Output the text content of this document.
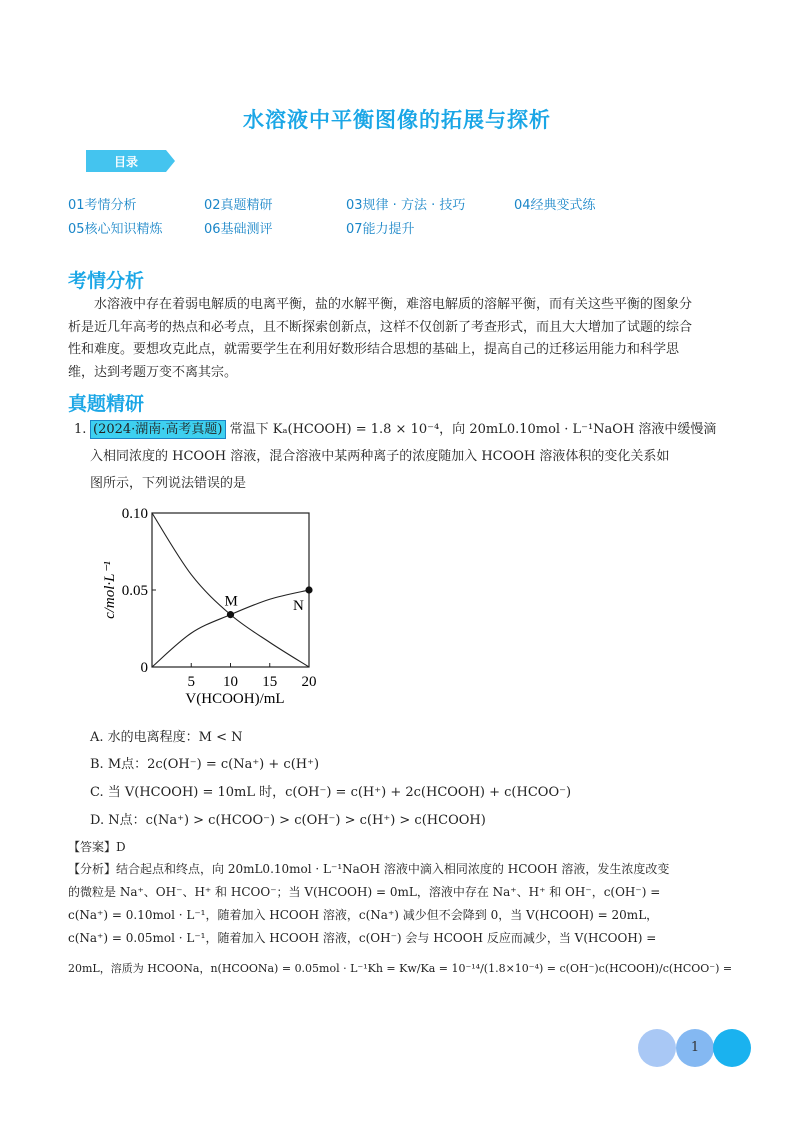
水溶液中平衡图像的拓展与探析
目录
01考情分析	02真题精研	03规律 · 方法 · 技巧	04经典变式练
05核心知识精炼	06基础测评	07能力提升
考情分析
水溶液中存在着弱电解质的电离平衡，盐的水解平衡，难溶电解质的溶解平衡，而有关这些平衡的图象分
析是近几年高考的热点和必考点，且不断探索创新点，这样不仅创新了考查形式，而且大大增加了试题的综合
性和难度。要想攻克此点，就需要学生在利用好数形结合思想的基础上，提高自己的迁移运用能力和科学思
维，达到考题万变不离其宗。
真题精研
1. (2024·湖南·高考真题) 常温下 Kₐ(HCOOH) = 1.8 × 10⁻⁴，向 20mL0.10mol · L⁻¹NaOH 溶液中缓慢滴
入相同浓度的 HCOOH 溶液，混合溶液中某两种离子的浓度随加入 HCOOH 溶液体积的变化关系如
图所示，下列说法错误的是
c/mol·L⁻¹
V(HCOOH)/mL
5 10 15 20
0
0.05
0.10
M	N
A. 水的电离程度：M < N
B. M点：2c(OH⁻) = c(Na⁺) + c(H⁺)
C. 当 V(HCOOH) = 10mL 时，c(OH⁻) = c(H⁺) + 2c(HCOOH) + c(HCOO⁻)
D. N点：c(Na⁺) > c(HCOO⁻) > c(OH⁻) > c(H⁺) > c(HCOOH)
【答案】D
【分析】结合起点和终点，向 20mL0.10mol · L⁻¹NaOH 溶液中滴入相同浓度的 HCOOH 溶液，发生浓度改变
的微粒是 Na⁺、OH⁻、H⁺ 和 HCOO⁻；当 V(HCOOH) = 0mL，溶液中存在 Na⁺、H⁺ 和 OH⁻，c(OH⁻) =
c(Na⁺) = 0.10mol · L⁻¹，随着加入 HCOOH 溶液，c(Na⁺) 减少但不会降到 0，当 V(HCOOH) = 20mL，
c(Na⁺) = 0.05mol · L⁻¹，随着加入 HCOOH 溶液，c(OH⁻) 会与 HCOOH 反应而减少，当 V(HCOOH) =
20mL，溶质为 HCOONa，n(HCOONa) = 0.05mol · L⁻¹Kh = Kw/Ka = 10⁻¹⁴/(1.8×10⁻⁴) = c(OH⁻)c(HCOOH)/c(HCOO⁻) =
1
